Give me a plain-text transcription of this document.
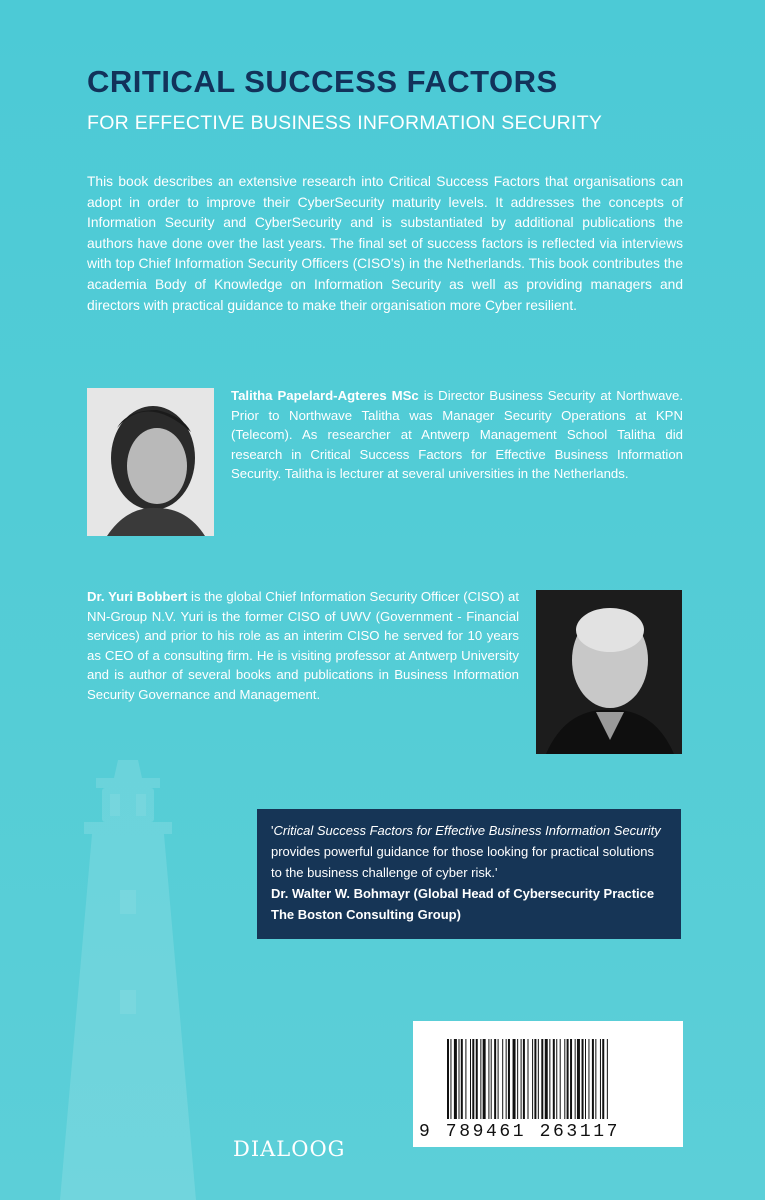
CRITICAL SUCCESS FACTORS

FOR EFFECTIVE BUSINESS INFORMATION SECURITY

This book describes an extensive research into Critical Success Factors that organisations can adopt in order to improve their CyberSecurity maturity levels. It addresses the concepts of Information Security and CyberSecurity and is substantiated by additional publications the authors have done over the last years. The final set of success factors is reflected via interviews with top Chief Information Security Officers (CISO's) in the Netherlands. This book contributes the academia Body of Knowledge on Information Security as well as providing managers and directors with practical guidance to make their organisation more Cyber resilient.

Talitha Papelard-Agteres MSc is Director Business Security at Northwave. Prior to Northwave Talitha was Manager Security Operations at KPN (Telecom). As researcher at Antwerp Management School Talitha did research in Critical Success Factors for Effective Business Information Security. Talitha is lecturer at several universities in the Netherlands.

Dr. Yuri Bobbert is the global Chief Information Security Officer (CISO) at NN-Group N.V. Yuri is the former CISO of UWV (Government - Financial services) and prior to his role as an interim CISO he served for 10 years as CEO of a consulting firm. He is visiting professor at Antwerp University and is author of several books and publications in Business Information Security Governance and Management.

'Critical Success Factors for Effective Business Information Security provides powerful guidance for those looking for practical solutions to the business challenge of cyber risk.'

Dr. Walter W. Bohmayr (Global Head of Cybersecurity Practice The Boston Consulting Group)

DIALOOG
9 789461 263117
